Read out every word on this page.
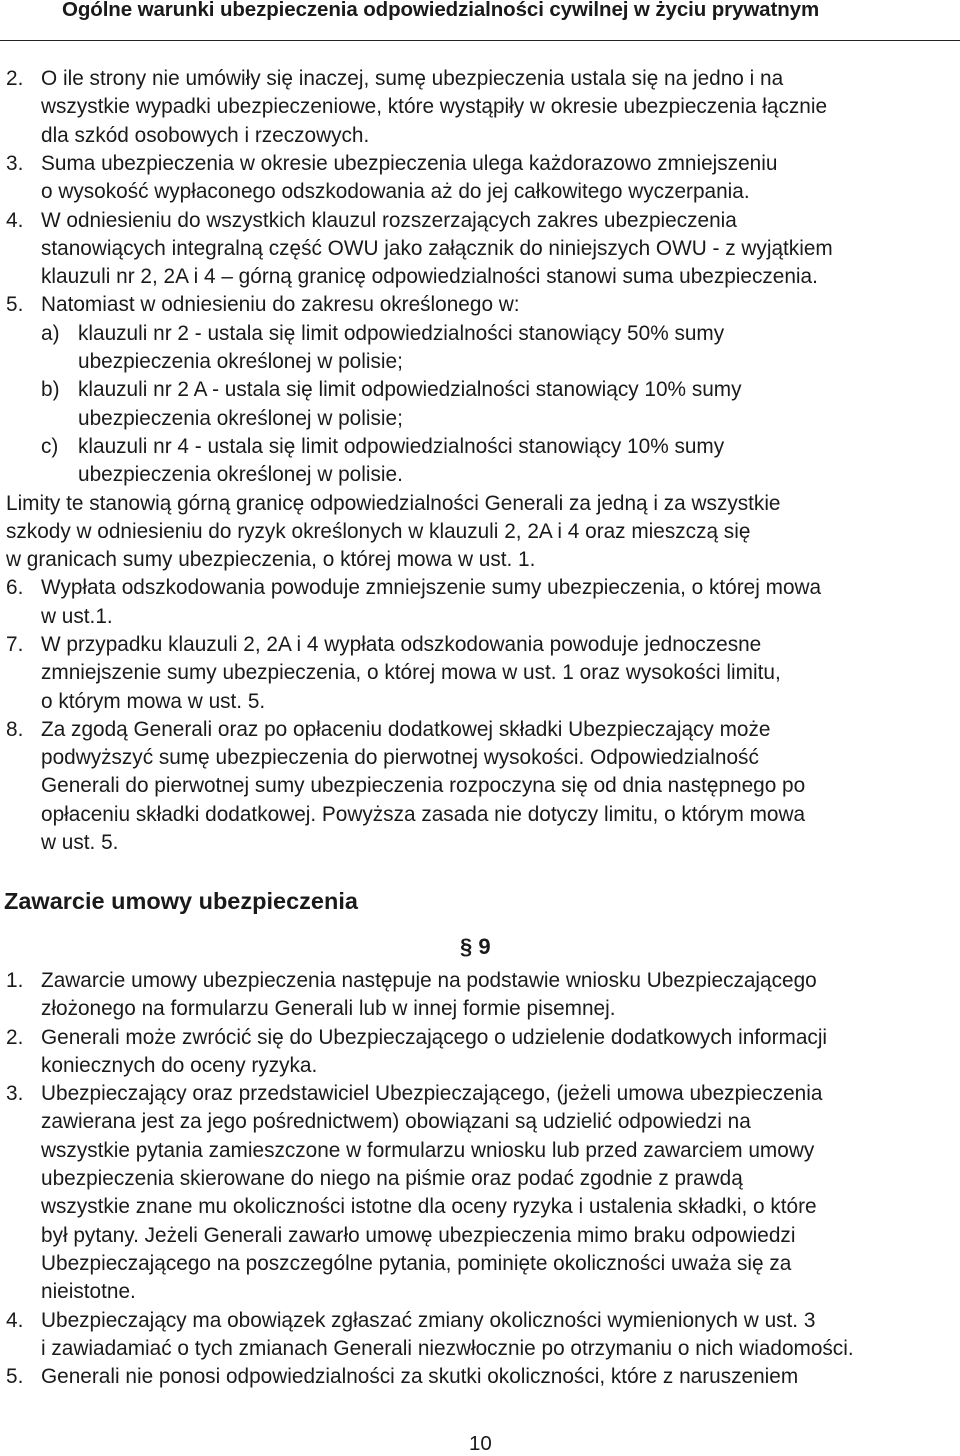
Ogólne warunki ubezpieczenia odpowiedzialności cywilnej w życiu prywatnym
2. O ile strony nie umówiły się inaczej, sumę ubezpieczenia ustala się na jedno i na
wszystkie wypadki ubezpieczeniowe, które wystąpiły w okresie ubezpieczenia łącznie
dla szkód osobowych i rzeczowych.
3. Suma ubezpieczenia w okresie ubezpieczenia ulega każdorazowo zmniejszeniu
o wysokość wypłaconego odszkodowania aż do jej całkowitego wyczerpania.
4. W odniesieniu do wszystkich klauzul rozszerzających zakres ubezpieczenia
stanowiących integralną część OWU jako załącznik do niniejszych OWU - z wyjątkiem
klauzuli nr 2, 2A i 4 – górną granicę odpowiedzialności stanowi suma ubezpieczenia.
5. Natomiast w odniesieniu do zakresu określonego w:
a) klauzuli nr 2 - ustala się limit odpowiedzialności stanowiący 50% sumy
ubezpieczenia określonej w polisie;
b) klauzuli nr 2 A - ustala się limit odpowiedzialności stanowiący 10% sumy
ubezpieczenia określonej w polisie;
c) klauzuli nr 4 - ustala się limit odpowiedzialności stanowiący 10% sumy
ubezpieczenia określonej w polisie.
Limity te stanowią górną granicę odpowiedzialności Generali za jedną i za wszystkie
szkody w odniesieniu do ryzyk określonych w klauzuli 2, 2A i 4 oraz mieszczą się
w granicach sumy ubezpieczenia, o której mowa w ust. 1.
6. Wypłata odszkodowania powoduje zmniejszenie sumy ubezpieczenia, o której mowa
w ust.1.
7. W przypadku klauzuli 2, 2A i 4 wypłata odszkodowania powoduje jednoczesne
zmniejszenie sumy ubezpieczenia, o której mowa w ust. 1 oraz wysokości limitu,
o którym mowa w ust. 5.
8. Za zgodą Generali oraz po opłaceniu dodatkowej składki Ubezpieczający może
podwyższyć sumę ubezpieczenia do pierwotnej wysokości. Odpowiedzialność
Generali do pierwotnej sumy ubezpieczenia rozpoczyna się od dnia następnego po
opłaceniu składki dodatkowej. Powyższa zasada nie dotyczy limitu, o którym mowa
w ust. 5.
1. Zawarcie umowy ubezpieczenia następuje na podstawie wniosku Ubezpieczającego
złożonego na formularzu Generali lub w innej formie pisemnej.
2. Generali może zwrócić się do Ubezpieczającego o udzielenie dodatkowych informacji
koniecznych do oceny ryzyka.
3. Ubezpieczający oraz przedstawiciel Ubezpieczającego, (jeżeli umowa ubezpieczenia
zawierana jest za jego pośrednictwem) obowiązani są udzielić odpowiedzi na
wszystkie pytania zamieszczone w formularzu wniosku lub przed zawarciem umowy
ubezpieczenia skierowane do niego na piśmie oraz podać zgodnie z prawdą
wszystkie znane mu okoliczności istotne dla oceny ryzyka i ustalenia składki, o które
był pytany. Jeżeli Generali zawarło umowę ubezpieczenia mimo braku odpowiedzi
Ubezpieczającego na poszczególne pytania, pominięte okoliczności uważa się za
nieistotne.
4. Ubezpieczający ma obowiązek zgłaszać zmiany okoliczności wymienionych w ust. 3
i zawiadamiać o tych zmianach Generali niezwłocznie po otrzymaniu o nich wiadomości.
5. Generali nie ponosi odpowiedzialności za skutki okoliczności, które z naruszeniem
Zawarcie umowy ubezpieczenia
§ 9
10
